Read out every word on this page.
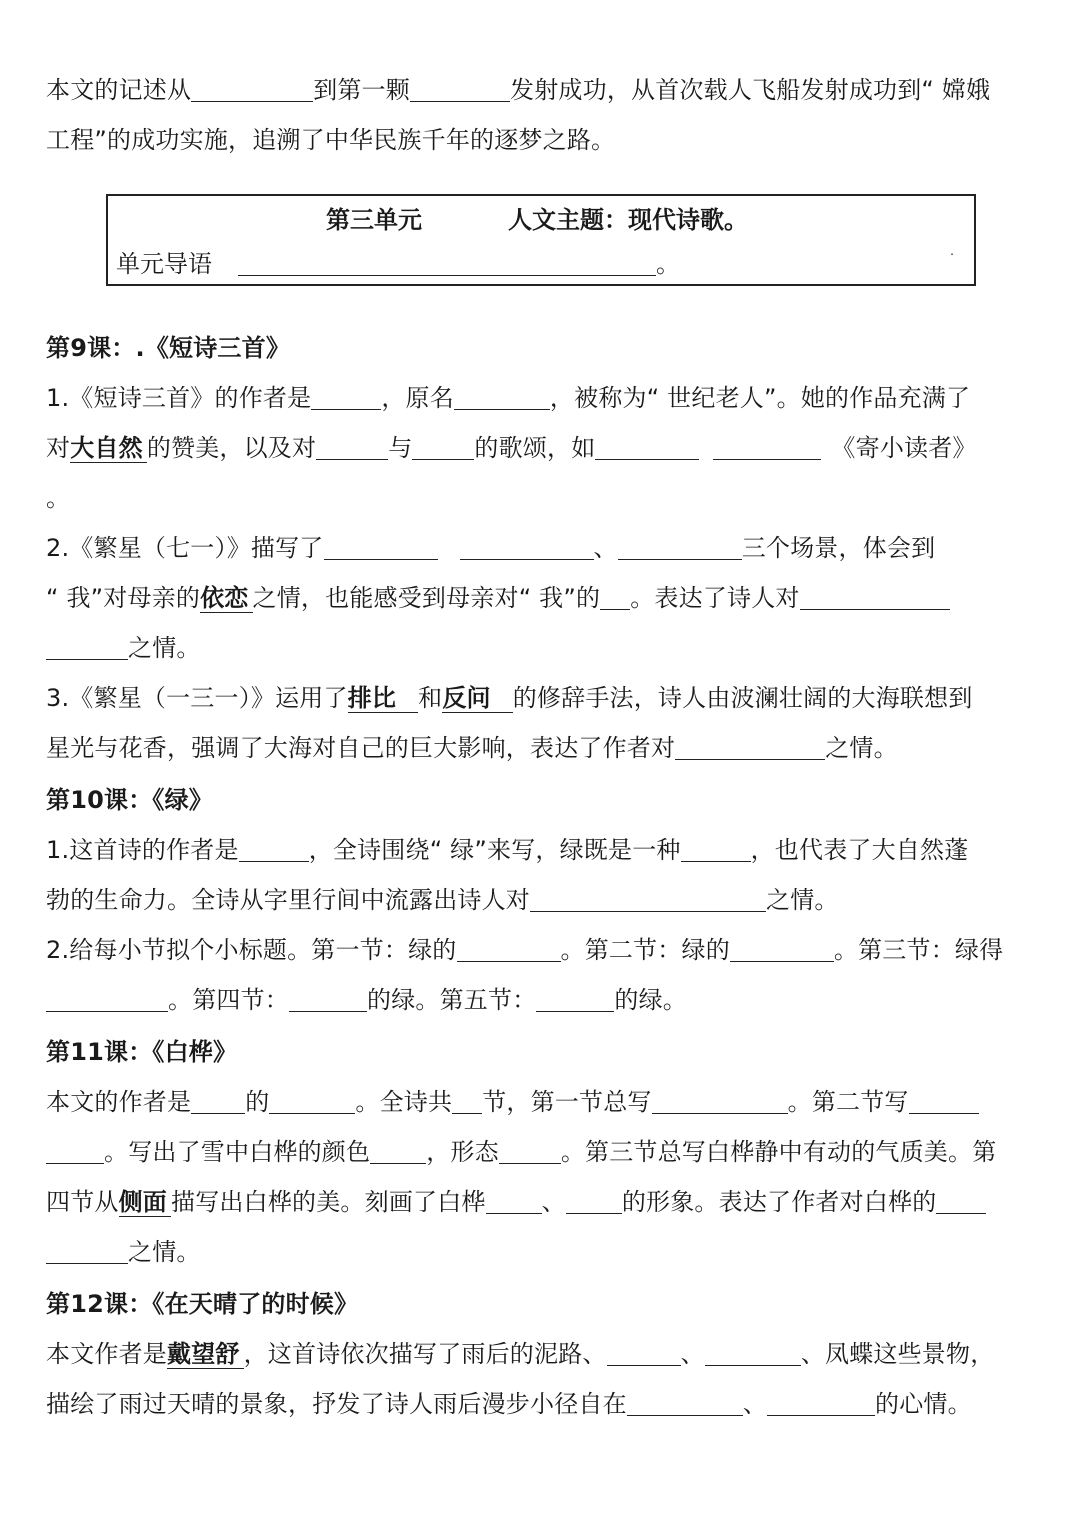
本文的记述从	到第一颗	发射成功，从首次载人飞船发射成功到“ 嫦娥
工程”的成功实施，追溯了中华民族千年的逐梦之路。
第三单元	人文主题：现代诗歌。
单元导语	。	.
第9课：.《短诗三首》
1.《短诗三首》的作者是	，原名	，被称为“ 世纪老人”。她的作品充满了
对大自然 的赞美，以及对	与	的歌颂，如	《寄小读者》
。
2.《繁星（七一）》描写了	、	三个场景，体会到
“ 我”对母亲的依恋 之情，也能感受到母亲对“ 我”的 。表达了诗人对
之情。
3.《繁星（一三一）》运用了排比 和反问 的修辞手法，诗人由波澜壮阔的大海联想到
星光与花香，强调了大海对自己的巨大影响，表达了作者对	之情。
第10课：《绿》
1.这首诗的作者是	，全诗围绕“ 绿”来写，绿既是一种	，也代表了大自然蓬
勃的生命力。全诗从字里行间中流露出诗人对	之情。
2.给每小节拟个小标题。第一节：绿的	。第二节：绿的	。第三节：绿得
。第四节：	的绿。第五节：	的绿。
第11课：《白桦》
本文的作者是 的	。全诗共 节，第一节总写	。第二节写
。写出了雪中白桦的颜色 ，形态	。第三节总写白桦静中有动的气质美。第
四节从侧面 描写出白桦的美。刻画了白桦 、 的形象。表达了作者对白桦的
之情。
第12课：《在天晴了的时候》
本文作者是戴望舒 ，这首诗依次描写了雨后的泥路、	、	、凤蝶这些景物，
描绘了雨过天晴的景象，抒发了诗人雨后漫步小径自在	、	的心情。
